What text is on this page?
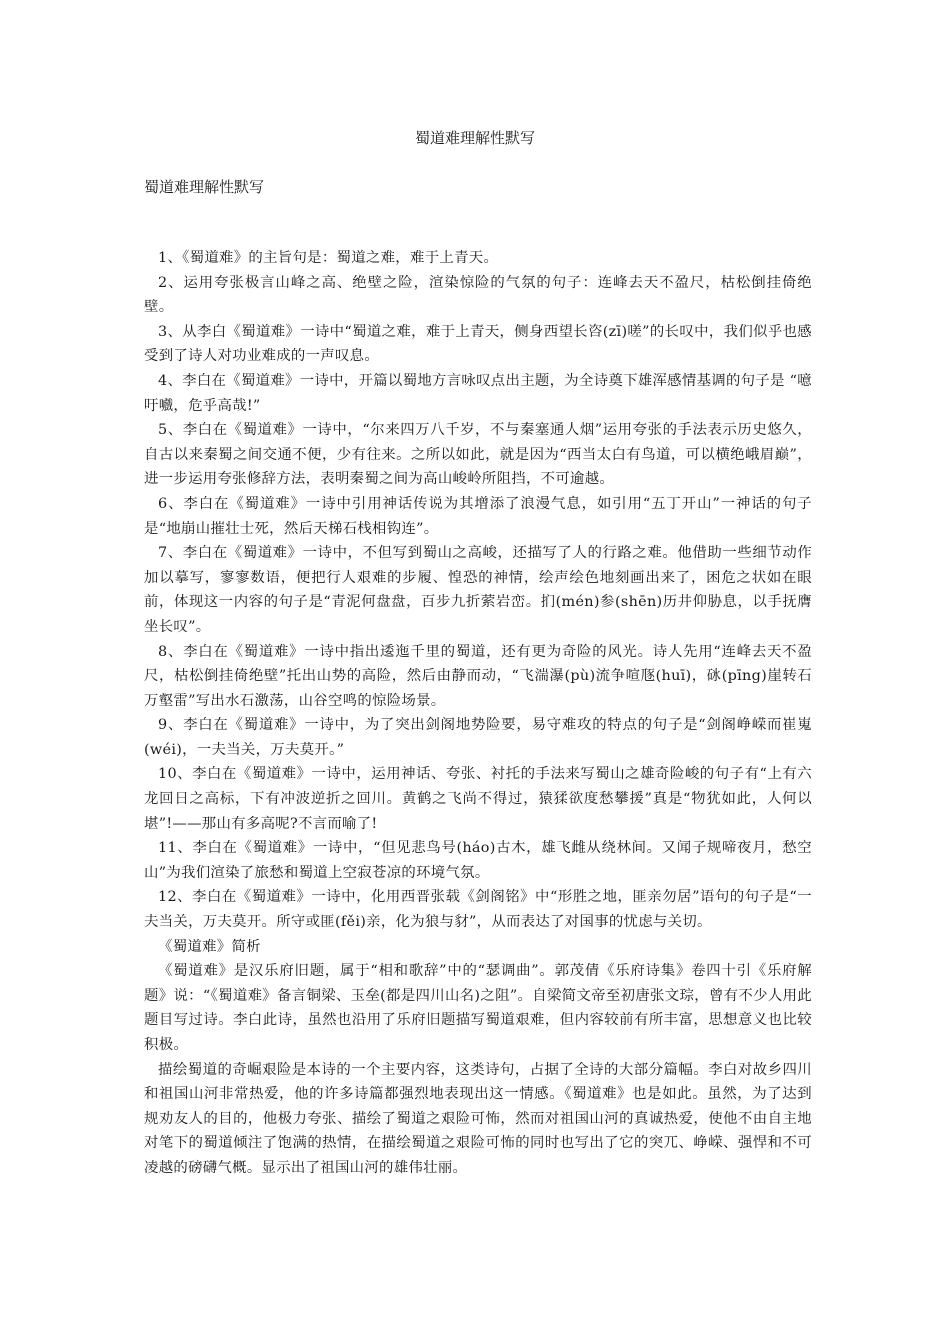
蜀道难理解性默写

蜀道难理解性默写

1、《蜀道难》的主旨句是：蜀道之难，难于上青天。

2、运用夸张极言山峰之高、绝壁之险，渲染惊险的气氛的句子：连峰去天不盈尺，枯松倒挂倚绝壁。

3、从李白《蜀道难》一诗中“蜀道之难，难于上青天，侧身西望长咨(zī)嗟”的长叹中，我们似乎也感受到了诗人对功业难成的一声叹息。

4、李白在《蜀道难》一诗中，开篇以蜀地方言咏叹点出主题，为全诗奠下雄浑感情基调的句子是 “噫吁嚱，危乎高哉!”

5、李白在《蜀道难》一诗中，“尔来四万八千岁，不与秦塞通人烟”运用夸张的手法表示历史悠久，自古以来秦蜀之间交通不便，少有往来。之所以如此，就是因为“西当太白有鸟道，可以横绝峨眉巅”，进一步运用夸张修辞方法，表明秦蜀之间为高山峻岭所阻挡，不可逾越。

6、李白在《蜀道难》一诗中引用神话传说为其增添了浪漫气息，如引用“五丁开山”一神话的句子是“地崩山摧壮士死，然后天梯石栈相钩连”。

7、李白在《蜀道难》一诗中，不但写到蜀山之高峻，还描写了人的行路之难。他借助一些细节动作加以摹写，寥寥数语，便把行人艰难的步履、惶恐的神情，绘声绘色地刻画出来了，困危之状如在眼前，体现这一内容的句子是“青泥何盘盘，百步九折萦岩峦。扪(mén)参(shēn)历井仰胁息，以手抚膺坐长叹”。

8、李白在《蜀道难》一诗中指出逶迤千里的蜀道，还有更为奇险的风光。诗人先用“连峰去天不盈尺，枯松倒挂倚绝壁”托出山势的高险，然后由静而动，“飞湍瀑(pù)流争喧豗(huī)，砯(pīng)崖转石万壑雷”写出水石激荡，山谷空鸣的惊险场景。

9、李白在《蜀道难》一诗中，为了突出剑阁地势险要，易守难攻的特点的句子是“剑阁峥嵘而崔嵬(wéi)，一夫当关，万夫莫开。”

10、李白在《蜀道难》一诗中，运用神话、夸张、衬托的手法来写蜀山之雄奇险峻的句子有“上有六龙回日之高标，下有冲波逆折之回川。黄鹤之飞尚不得过，猿猱欲度愁攀援”真是“物犹如此，人何以堪”!——那山有多高呢?不言而喻了!

11、李白在《蜀道难》一诗中，“但见悲鸟号(háo)古木，雄飞雌从绕林间。又闻子规啼夜月，愁空山”为我们渲染了旅愁和蜀道上空寂苍凉的环境气氛。

12、李白在《蜀道难》一诗中，化用西晋张载《剑阁铭》中“形胜之地，匪亲勿居”语句的句子是“一夫当关，万夫莫开。所守或匪(fěi)亲，化为狼与豺”，从而表达了对国事的忧虑与关切。

《蜀道难》简析

《蜀道难》是汉乐府旧题，属于“相和歌辞”中的“瑟调曲”。郭茂倩《乐府诗集》卷四十引《乐府解题》说：“《蜀道难》备言铜梁、玉垒(都是四川山名)之阻”。自梁简文帝至初唐张文琮，曾有不少人用此题目写过诗。李白此诗，虽然也沿用了乐府旧题描写蜀道艰难，但内容较前有所丰富，思想意义也比较积极。

描绘蜀道的奇崛艰险是本诗的一个主要内容，这类诗句，占据了全诗的大部分篇幅。李白对故乡四川和祖国山河非常热爱，他的许多诗篇都强烈地表现出这一情感。《蜀道难》也是如此。虽然，为了达到规劝友人的目的，他极力夸张、描绘了蜀道之艰险可怖，然而对祖国山河的真诚热爱，使他不由自主地对笔下的蜀道倾注了饱满的热情，在描绘蜀道之艰险可怖的同时也写出了它的突兀、峥嵘、强悍和不可凌越的磅礴气概。显示出了祖国山河的雄伟壮丽。
